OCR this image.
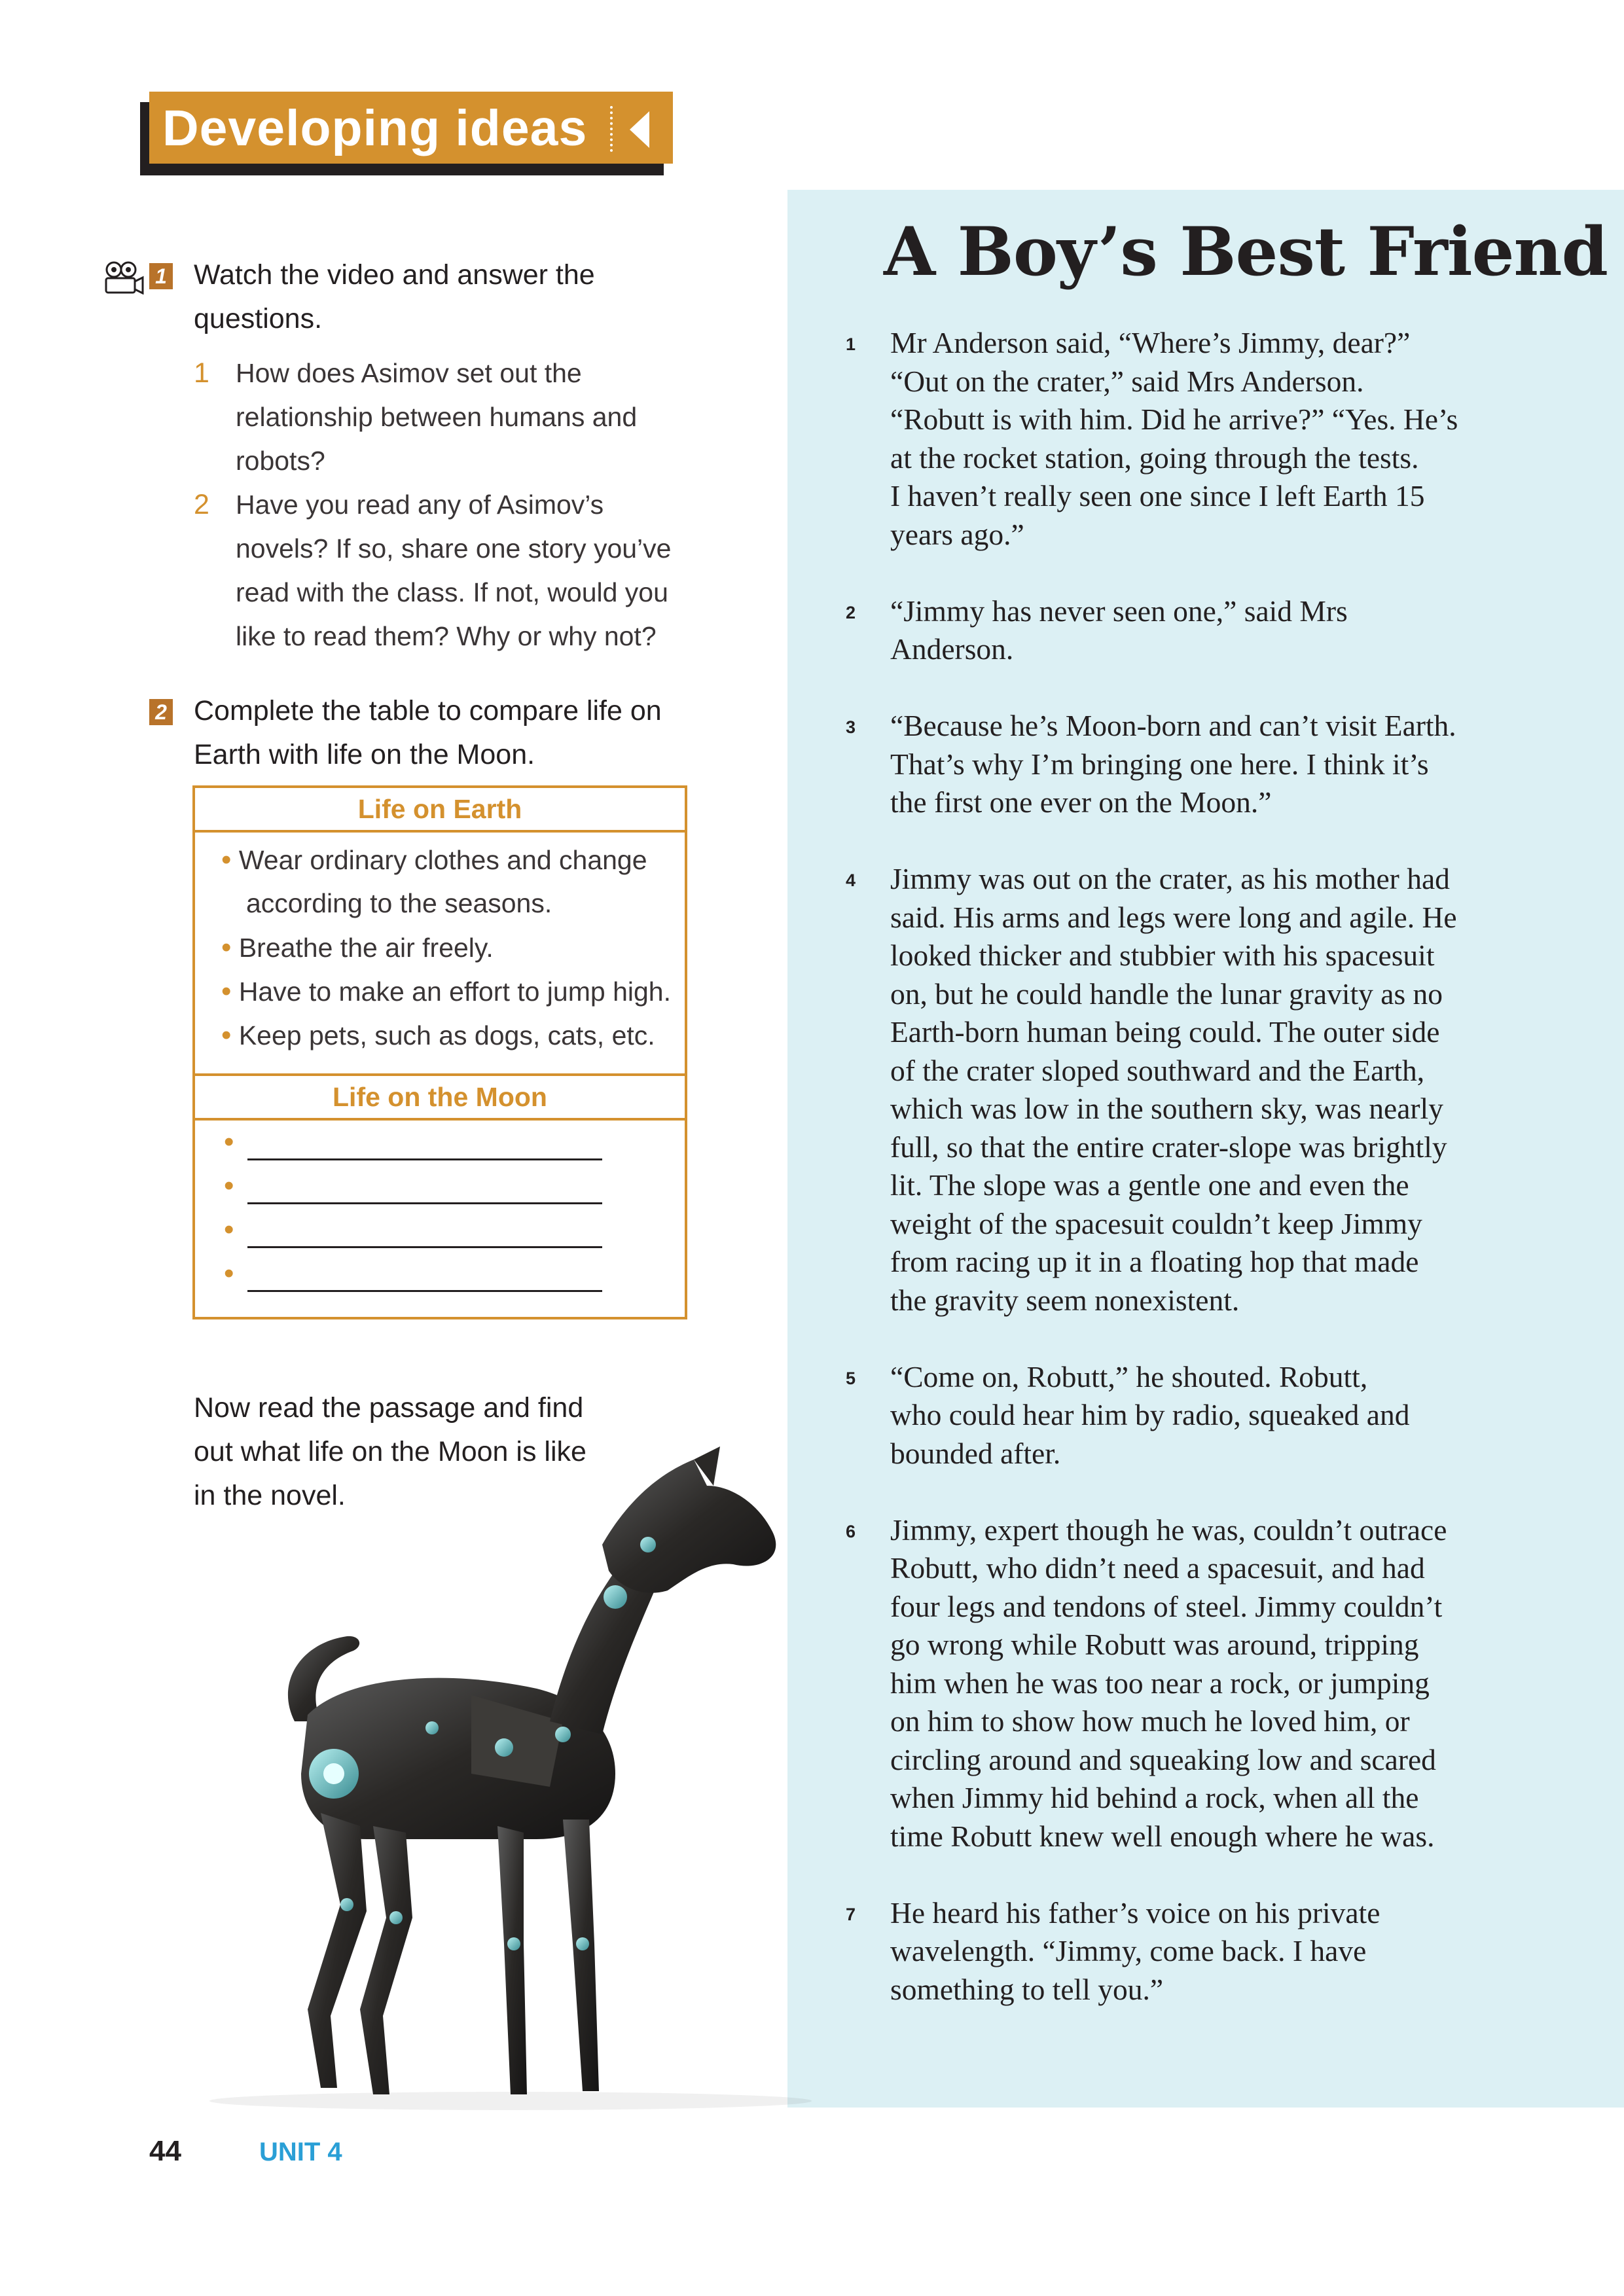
Developing ideas
1 Watch the video and answer the
questions.
1 How does Asimov set out the
relationship between humans and
robots?
2 Have you read any of Asimov’s
novels? If so, share one story you’ve
read with the class. If not, would you
like to read them? Why or why not?
2 Complete the table to compare life on
Earth with life on the Moon.
Life on Earth
• Wear ordinary clothes and change
according to the seasons.
• Breathe the air freely.
• Have to make an effort to jump high.
• Keep pets, such as dogs, cats, etc.
Life on the Moon
•
•
•
•
Now read the passage and find
out what life on the Moon is like
in the novel.
A Boy’s Best Friend
1 Mr Anderson said, “Where’s Jimmy, dear?”
“Out on the crater,” said Mrs Anderson.
“Robutt is with him. Did he arrive?” “Yes. He’s
at the rocket station, going through the tests.
I haven’t really seen one since I left Earth 15
years ago.”
2 “Jimmy has never seen one,” said Mrs
Anderson.
3 “Because he’s Moon-born and can’t visit Earth.
That’s why I’m bringing one here. I think it’s
the first one ever on the Moon.”
4 Jimmy was out on the crater, as his mother had
said. His arms and legs were long and agile. He
looked thicker and stubbier with his spacesuit
on, but he could handle the lunar gravity as no
Earth-born human being could. The outer side
of the crater sloped southward and the Earth,
which was low in the southern sky, was nearly
full, so that the entire crater-slope was brightly
lit. The slope was a gentle one and even the
weight of the spacesuit couldn’t keep Jimmy
from racing up it in a floating hop that made
the gravity seem nonexistent.
5 “Come on, Robutt,” he shouted. Robutt,
who could hear him by radio, squeaked and
bounded after.
6 Jimmy, expert though he was, couldn’t outrace
Robutt, who didn’t need a spacesuit, and had
four legs and tendons of steel. Jimmy couldn’t
go wrong while Robutt was around, tripping
him when he was too near a rock, or jumping
on him to show how much he loved him, or
circling around and squeaking low and scared
when Jimmy hid behind a rock, when all the
time Robutt knew well enough where he was.
7 He heard his father’s voice on his private
wavelength. “Jimmy, come back. I have
something to tell you.”
44	UNIT 4
